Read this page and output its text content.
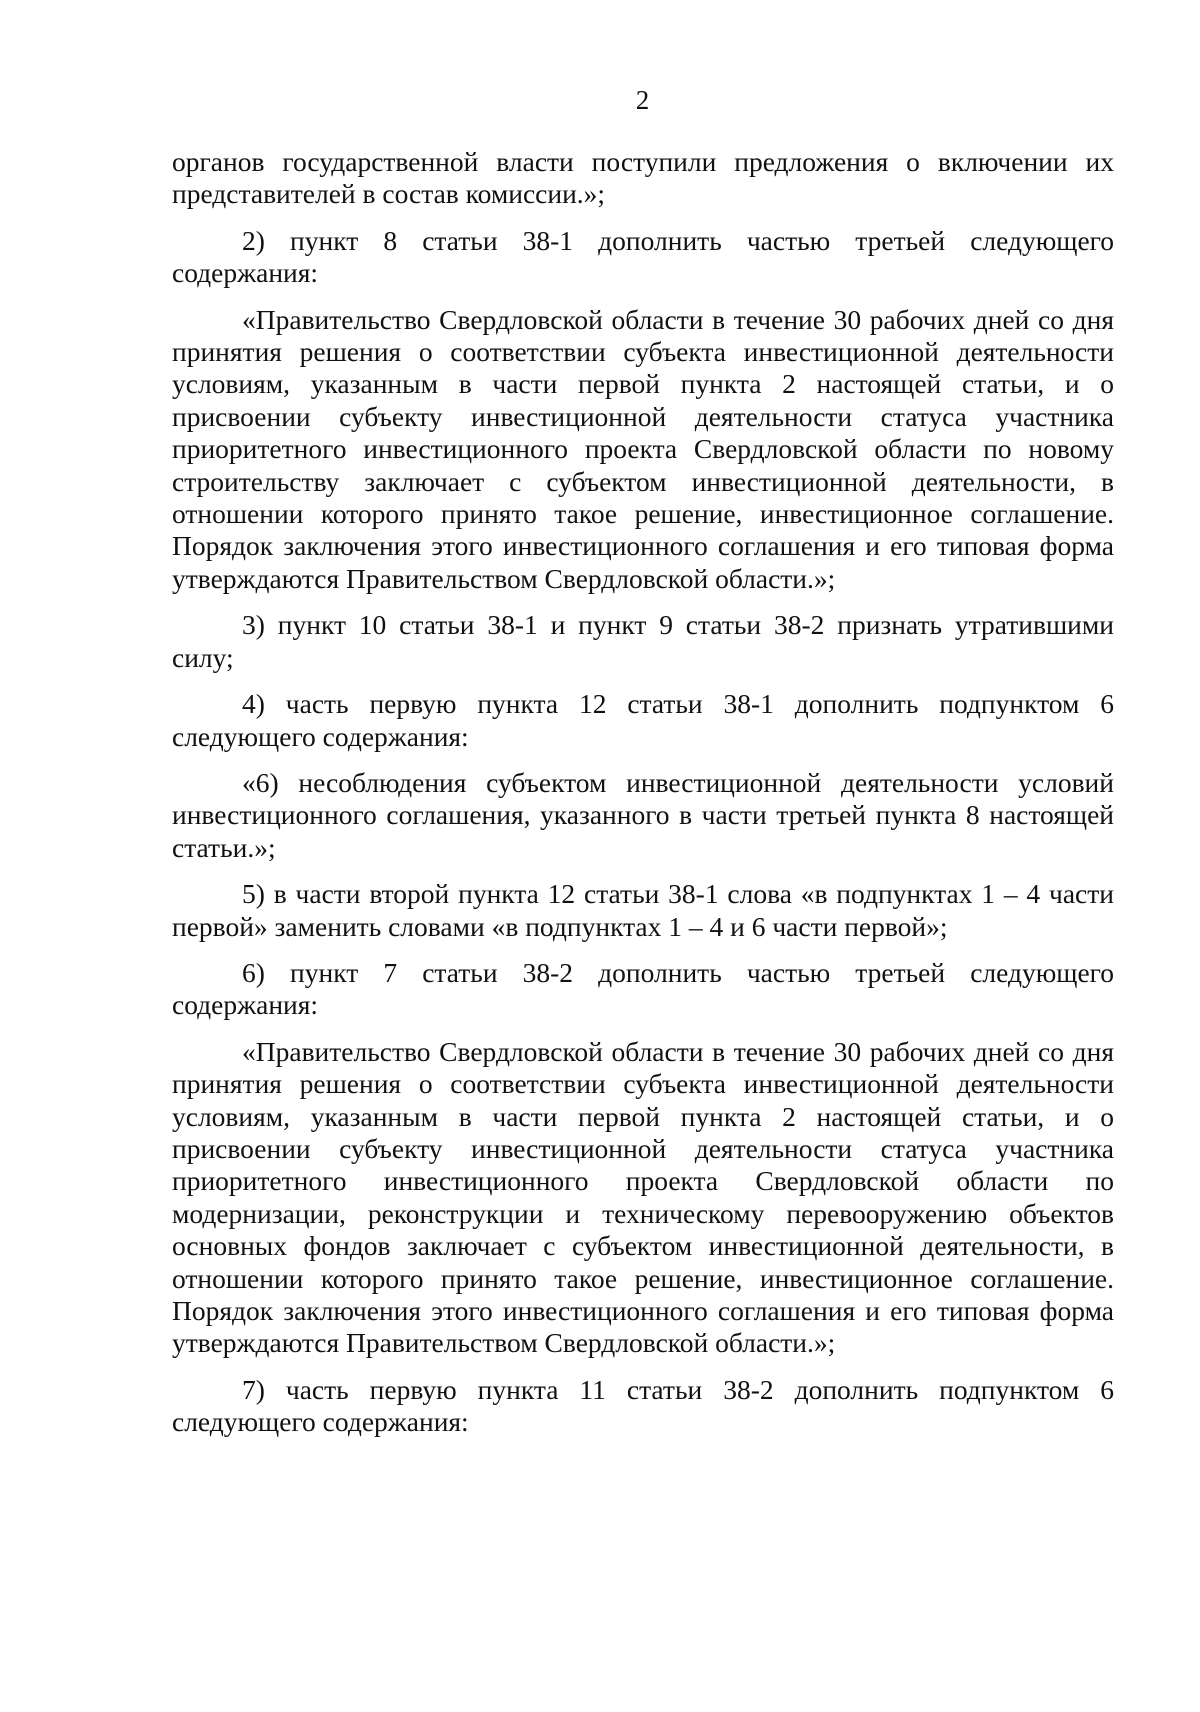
2

органов государственной власти поступили предложения о включении их представителей в состав комиссии.»;

2) пункт 8 статьи 38-1 дополнить частью третьей следующего содержания:

«Правительство Свердловской области в течение 30 рабочих дней со дня принятия решения о соответствии субъекта инвестиционной деятельности условиям, указанным в части первой пункта 2 настоящей статьи, и о присвоении субъекту инвестиционной деятельности статуса участника приоритетного инвестиционного проекта Свердловской области по новому строительству заключает с субъектом инвестиционной деятельности, в отношении которого принято такое решение, инвестиционное соглашение. Порядок заключения этого инвестиционного соглашения и его типовая форма утверждаются Правительством Свердловской области.»;

3) пункт 10 статьи 38-1 и пункт 9 статьи 38-2 признать утратившими силу;

4) часть первую пункта 12 статьи 38-1 дополнить подпунктом 6 следующего содержания:

«6) несоблюдения субъектом инвестиционной деятельности условий инвестиционного соглашения, указанного в части третьей пункта 8 настоящей статьи.»;

5) в части второй пункта 12 статьи 38-1 слова «в подпунктах 1 – 4 части первой» заменить словами «в подпунктах 1 – 4 и 6 части первой»;

6) пункт 7 статьи 38-2 дополнить частью третьей следующего содержания:

«Правительство Свердловской области в течение 30 рабочих дней со дня принятия решения о соответствии субъекта инвестиционной деятельности условиям, указанным в части первой пункта 2 настоящей статьи, и о присвоении субъекту инвестиционной деятельности статуса участника приоритетного инвестиционного проекта Свердловской области по модернизации, реконструкции и техническому перевооружению объектов основных фондов заключает с субъектом инвестиционной деятельности, в отношении которого принято такое решение, инвестиционное соглашение. Порядок заключения этого инвестиционного соглашения и его типовая форма утверждаются Правительством Свердловской области.»;

7) часть первую пункта 11 статьи 38-2 дополнить подпунктом 6 следующего содержания:
